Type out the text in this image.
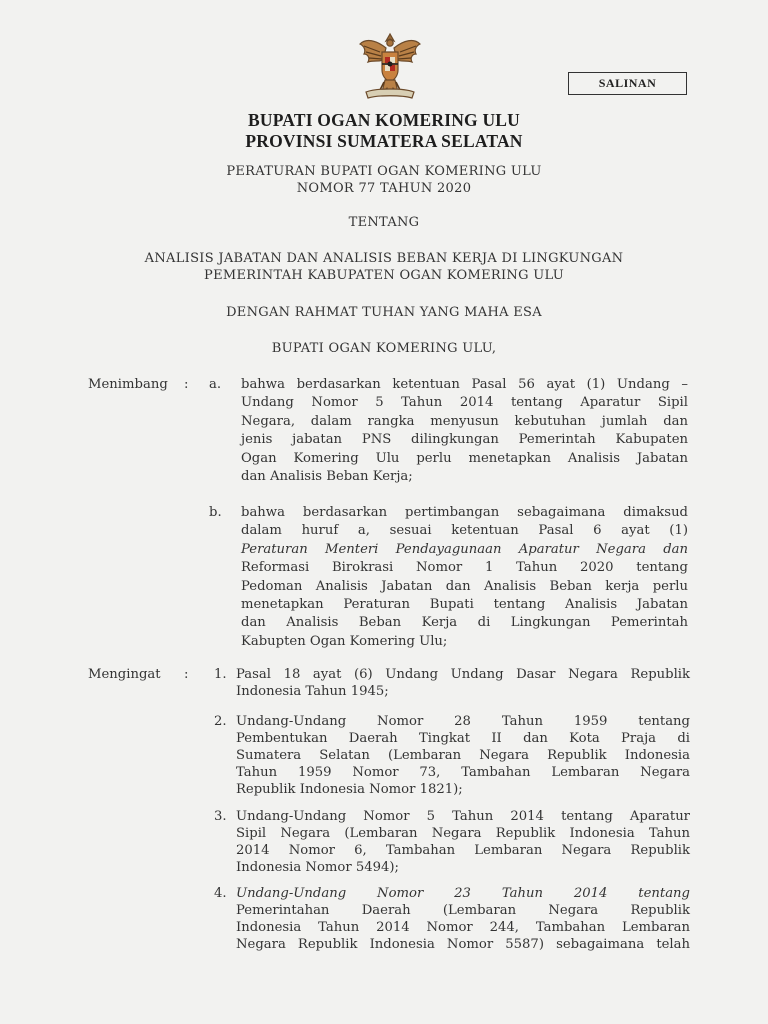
SALINAN
BUPATI OGAN KOMERING ULU
PROVINSI SUMATERA SELATAN
PERATURAN BUPATI OGAN KOMERING ULU
NOMOR 77 TAHUN 2020
TENTANG
ANALISIS JABATAN DAN ANALISIS BEBAN KERJA DI LINGKUNGAN
PEMERINTAH KABUPATEN OGAN KOMERING ULU
DENGAN RAHMAT TUHAN YANG MAHA ESA
BUPATI OGAN KOMERING ULU,
Menimbang : a. bahwa berdasarkan ketentuan Pasal 56 ayat (1) Undang –
Undang Nomor 5 Tahun 2014 tentang Aparatur Sipil
Negara, dalam rangka menyusun kebutuhan jumlah dan
jenis jabatan PNS dilingkungan Pemerintah Kabupaten
Ogan Komering Ulu perlu menetapkan Analisis Jabatan
dan Analisis Beban Kerja;
b. bahwa berdasarkan pertimbangan sebagaimana dimaksud
dalam huruf a, sesuai ketentuan Pasal 6 ayat (1)
Peraturan Menteri Pendayagunaan Aparatur Negara dan
Reformasi Birokrasi Nomor 1 Tahun 2020 tentang
Pedoman Analisis Jabatan dan Analisis Beban kerja perlu
menetapkan Peraturan Bupati tentang Analisis Jabatan
dan Analisis Beban Kerja di Lingkungan Pemerintah
Kabupten Ogan Komering Ulu;
Mengingat : 1. Pasal 18 ayat (6) Undang Undang Dasar Negara Republik
Indonesia Tahun 1945;
2. Undang-Undang Nomor 28 Tahun 1959 tentang
Pembentukan Daerah Tingkat II dan Kota Praja di
Sumatera Selatan (Lembaran Negara Republik Indonesia
Tahun 1959 Nomor 73, Tambahan Lembaran Negara
Republik Indonesia Nomor 1821);
3. Undang-Undang Nomor 5 Tahun 2014 tentang Aparatur
Sipil Negara (Lembaran Negara Republik Indonesia Tahun
2014 Nomor 6, Tambahan Lembaran Negara Republik
Indonesia Nomor 5494);
4. Undang-Undang Nomor 23 Tahun 2014 tentang
Pemerintahan Daerah (Lembaran Negara Republik
Indonesia Tahun 2014 Nomor 244, Tambahan Lembaran
Negara Republik Indonesia Nomor 5587) sebagaimana telah
